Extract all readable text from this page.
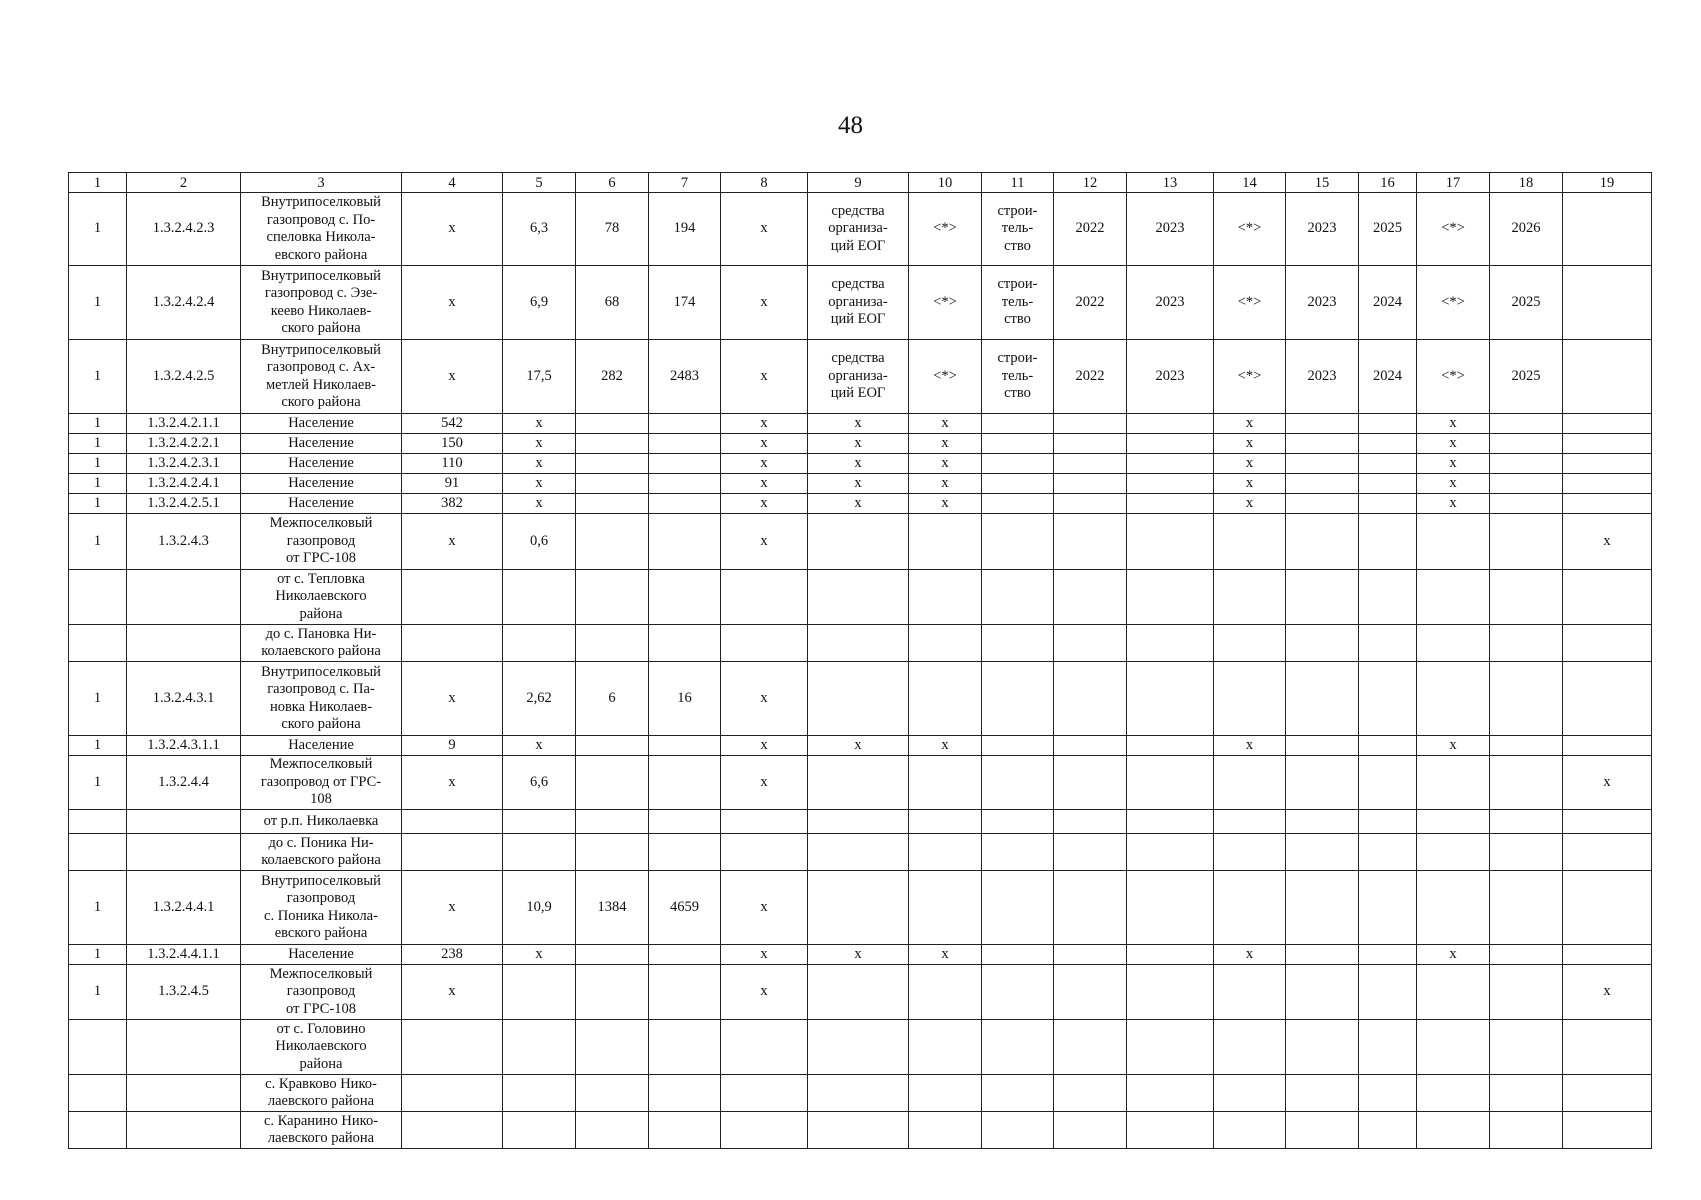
48
1	2	3	4	5	6	7	8	9	10	11	12	13	14	15	16	17	18	19
1	1.3.2.4.2.3	Внутрипоселковый
газопровод с. По-
спеловка Никола-
евского района	х	6,3	78	194	х	средства
организа-
ций ЕОГ	<*>	строи-
тель-
ство	2022	2023	<*>	2023	2025	<*>	2026	
1	1.3.2.4.2.4	Внутрипоселковый
газопровод с. Эзе-
кеево Николаев-
ского района	х	6,9	68	174	х	средства
организа-
ций ЕОГ	<*>	строи-
тель-
ство	2022	2023	<*>	2023	2024	<*>	2025	
1	1.3.2.4.2.5	Внутрипоселковый
газопровод с. Ах-
метлей Николаев-
ского района	х	17,5	282	2483	х	средства
организа-
ций ЕОГ	<*>	строи-
тель-
ство	2022	2023	<*>	2023	2024	<*>	2025	
1	1.3.2.4.2.1.1	Население	542	х			х	х	х				х			х		
1	1.3.2.4.2.2.1	Население	150	х			х	х	х				х			х		
1	1.3.2.4.2.3.1	Население	110	х			х	х	х				х			х		
1	1.3.2.4.2.4.1	Население	91	х			х	х	х				х			х		
1	1.3.2.4.2.5.1	Население	382	х			х	х	х				х			х		
1	1.3.2.4.3	Межпоселковый
газопровод
от ГРС-108	х	0,6			х											х
		от с. Тепловка
Николаевского
района																
		до с. Пановка Ни-
колаевского района																
1	1.3.2.4.3.1	Внутрипоселковый
газопровод с. Па-
новка Николаев-
ского района	х	2,62	6	16	х											
1	1.3.2.4.3.1.1	Население	9	х			х	х	х				х			х		
1	1.3.2.4.4	Межпоселковый
газопровод от ГРС-
108	х	6,6			х											х
		от р.п. Николаевка																
		до с. Поника Ни-
колаевского района																
1	1.3.2.4.4.1	Внутрипоселковый
газопровод
с. Поника Никола-
евского района	х	10,9	1384	4659	х											
1	1.3.2.4.4.1.1	Население	238	х			х	х	х				х			х		
1	1.3.2.4.5	Межпоселковый
газопровод
от ГРС-108	х				х											х
		от с. Головино
Николаевского
района																
		с. Кравково Нико-
лаевского района																
		с. Каранино Нико-
лаевского района																
